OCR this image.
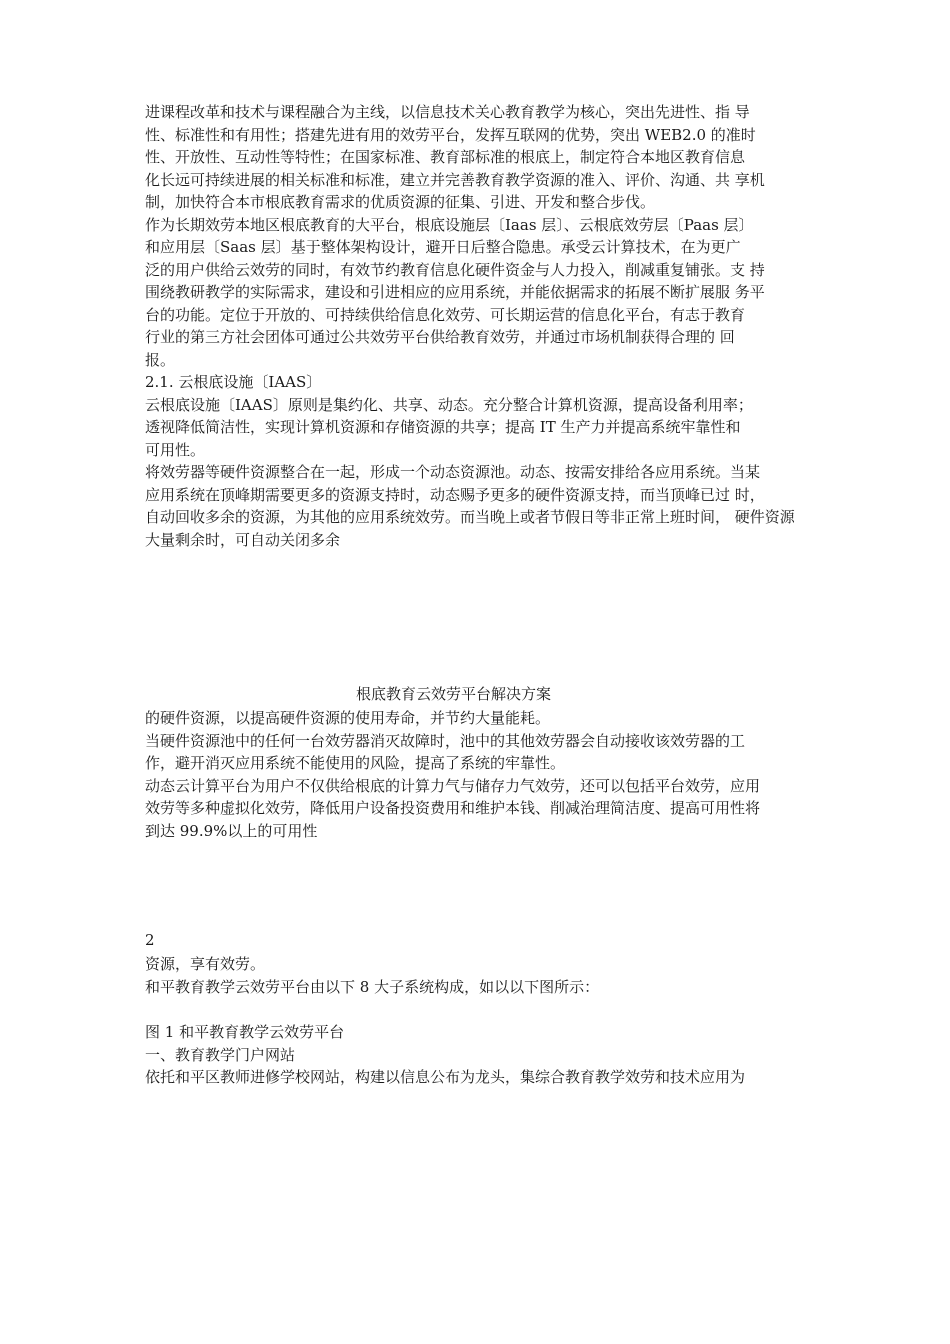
进课程改革和技术与课程融合为主线，以信息技术关心教育教学为核心，突出先进性、指 导
性、标准性和有用性；搭建先进有用的效劳平台，发挥互联网的优势，突出 WEB2.0 的准时
性、开放性、互动性等特性；在国家标准、教育部标准的根底上，制定符合本地区教育信息
化长远可持续进展的相关标准和标准，建立并完善教育教学资源的准入、评价、沟通、共 享机
制，加快符合本市根底教育需求的优质资源的征集、引进、开发和整合步伐。
作为长期效劳本地区根底教育的大平台，根底设施层〔Iaas 层〕、云根底效劳层〔Paas 层〕
和应用层〔Saas 层〕基于整体架构设计，避开日后整合隐患。承受云计算技术，在为更广
泛的用户供给云效劳的同时，有效节约教育信息化硬件资金与人力投入，削减重复铺张。支 持
围绕教研教学的实际需求，建设和引进相应的应用系统，并能依据需求的拓展不断扩展服 务平
台的功能。定位于开放的、可持续供给信息化效劳、可长期运营的信息化平台，有志于教育
行业的第三方社会团体可通过公共效劳平台供给教育效劳，并通过市场机制获得合理的 回
报。
2.1. 云根底设施〔IAAS〕
云根底设施〔IAAS〕原则是集约化、共享、动态。充分整合计算机资源，提高设备利用率；
透视降低简洁性，实现计算机资源和存储资源的共享；提高 IT 生产力并提高系统牢靠性和
可用性。
将效劳器等硬件资源整合在一起，形成一个动态资源池。动态、按需安排给各应用系统。当某
应用系统在顶峰期需要更多的资源支持时，动态赐予更多的硬件资源支持，而当顶峰已过 时，
自动回收多余的资源，为其他的应用系统效劳。而当晚上或者节假日等非正常上班时间， 硬件资源
大量剩余时，可自动关闭多余
根底教育云效劳平台解决方案
的硬件资源，以提高硬件资源的使用寿命，并节约大量能耗。
当硬件资源池中的任何一台效劳器消灭故障时，池中的其他效劳器会自动接收该效劳器的工
作，避开消灭应用系统不能使用的风险，提高了系统的牢靠性。
动态云计算平台为用户不仅供给根底的计算力气与储存力气效劳，还可以包括平台效劳，应用
效劳等多种虚拟化效劳，降低用户设备投资费用和维护本钱、削减治理简洁度、提高可用性将
到达 99.9%以上的可用性
2
资源，享有效劳。
和平教育教学云效劳平台由以下 8 大子系统构成，如以以下图所示：
图 1 和平教育教学云效劳平台
一、教育教学门户网站
依托和平区教师进修学校网站，构建以信息公布为龙头，集综合教育教学效劳和技术应用为
